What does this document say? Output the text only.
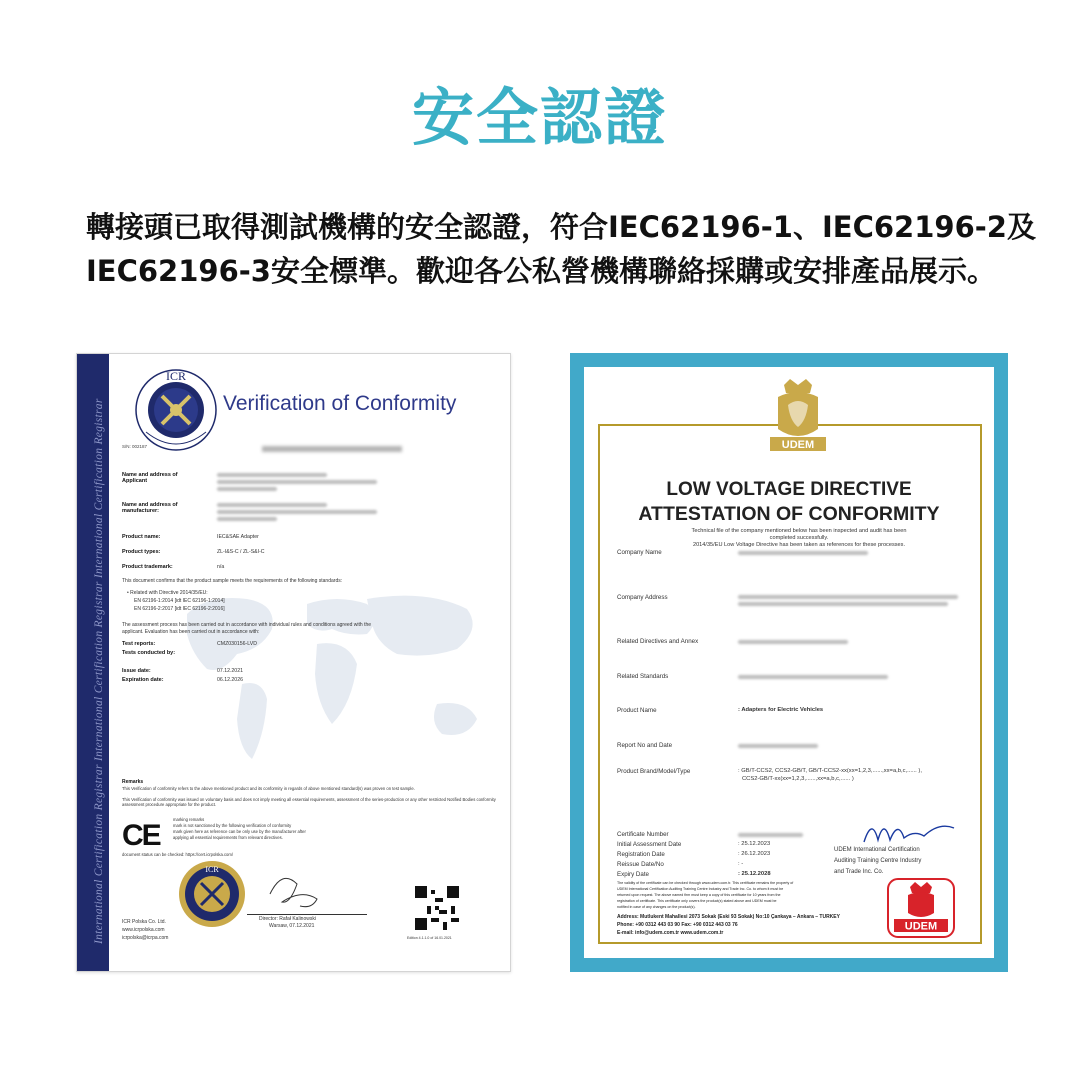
安全認證
轉接頭已取得測試機構的安全認證，符合IEC62196-1、IEC62196-2及
IEC62196-3安全標準。歡迎各公私營機構聯絡採購或安排產品展示。
International Certification Registrar International Certification Registrar International Certification Registrar
ICR
Verification of Conformity
S/N: 002187
Name and address of
Applicant
Name and address of
manufacturer:
Product name:	IEC&SAE Adapter
Product types:	ZL-I&S-C / ZL-S&I-C
Product trademark:	n/a
This document confirms that the product sample meets the requirements of the following standards:
• Related with Directive 2014/35/EU:
EN 62196-1:2014 [idt IEC 62196-1:2014]
EN 62196-2:2017 [idt IEC 62196-2:2016]
The assessment process has been carried out in accordance with individual rules and conditions agreed with the
applicant. Evaluation has been carried out in accordance with:
Test reports:	CMZ030156-LVD
Tests conducted by:
Issue date:	07.12.2021
Expiration date:	06.12.2026
Remarks
This Verification of conformity refers to the above mentioned product and its conformity in regards of above mentioned standard(s) was proven on test sample.
This Verification of conformity was issued on voluntary basis and does not imply meeting all essential requirements, assessment of the series-production or any other restricted Notified Bodies conformity assessment procedure appropriate for the product.
CE	marking remarks
mark is not sanctioned by the following verification of conformity
mark given here as reference can be only use by the manufacturer after
applying all essential requirements from relevant directives.
document status can be checked: https://cert.icrpolska.com/
ICR
Director: Rafał Kalinowski
Warsaw, 07.12.2021
ICR Polska Co. Ltd.
www.icrpolska.com
icrpolska@icrpa.com	Edition 4.1.1.0 of 16.01.2021
UDEM
LOW VOLTAGE DIRECTIVE
ATTESTATION OF CONFORMITY
Technical file of the company mentioned below has been inspected and audit has been
completed successfully.
2014/35/EU Low Voltage Directive has been taken as references for these processes.
Company Name
Company Address
Related Directives and Annex
Related Standards
Product Name	: Adapters for Electric Vehicles
Report No and Date
Product Brand/Model/Type	: GB/T-CCS2, CCS2-GB/T, GB/T-CCS2-xx(xx=1,2,3,......,xx=a,b,c,...... ),
CCS2-GB/T-xx(xx=1,2,3,......,xx=a,b,c,...... )
Certificate Number
Initial Assessment Date	: 25.12.2023
Registration Date	: 26.12.2023
Reissue Date/No	: -
Expiry Date	: 25.12.2028
UDEM International Certification
Auditing Training Centre Industry
and Trade Inc. Co.
The validity of the certificate can be checked through www.udem.com.tr. This certificate remains the property of
UDEM International Certification Auditing Training Centre Industry and Trade Inc. Co. to whom it must be
returned upon request. The above named firm must keep a copy of this certificate for 10 years from the
registration of certificate. This certificate only covers the product(s) stated above and UDEM must be
notified in case of any changes on the product(s).
Address: Mutlukent Mahallesi 2073 Sokak (Eski 93 Sokak) No:10 Çankaya – Ankara – TURKEY
Phone: +90 0312 443 03 90 Fax: +90 0312 443 03 76
E-mail: info@udem.com.tr www.udem.com.tr
UDEM
